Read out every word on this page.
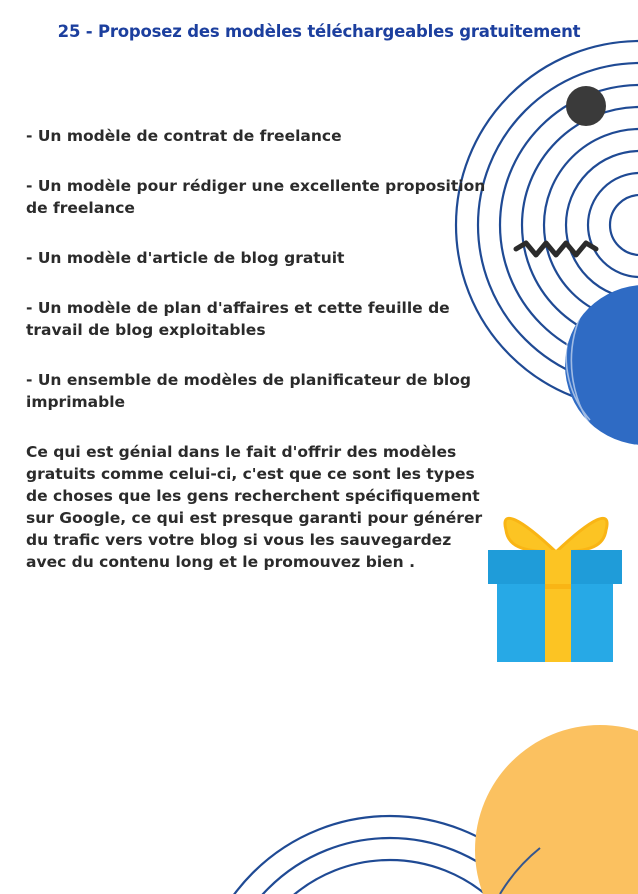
25 - Proposez des modèles téléchargeables gratuitement

- Un modèle de contrat de freelance

- Un modèle pour rédiger une excellente proposition de freelance

- Un modèle d'article de blog gratuit

- Un modèle de plan d'affaires et cette feuille de travail de blog exploitables

- Un ensemble de modèles de planificateur de blog imprimable

Ce qui est génial dans le fait d'offrir des modèles gratuits comme celui-ci, c'est que ce sont les types de choses que les gens recherchent spécifiquement sur Google, ce qui est presque garanti pour générer du trafic vers votre blog si vous les sauvegardez avec du contenu long et le promouvez bien .
